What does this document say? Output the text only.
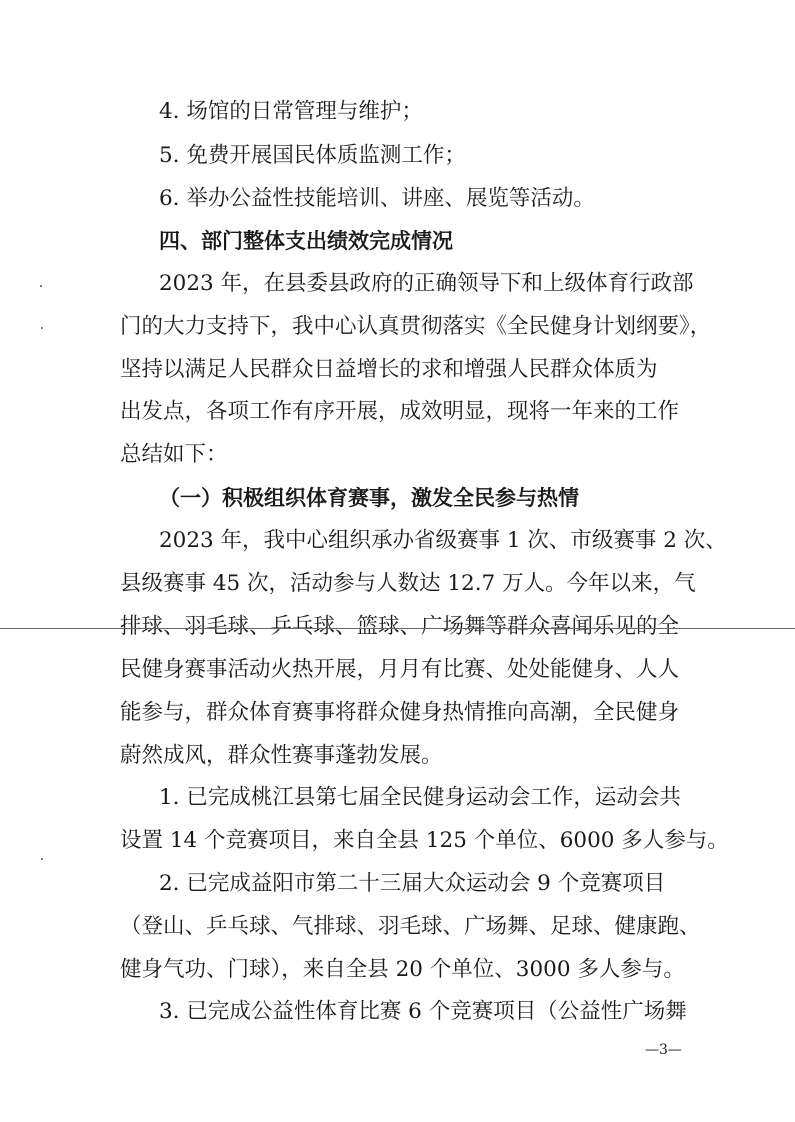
4. 场馆的日常管理与维护；
5. 免费开展国民体质监测工作；
6. 举办公益性技能培训、讲座、展览等活动。
四、部门整体支出绩效完成情况
2023 年，在县委县政府的正确领导下和上级体育行政部
门的大力支持下，我中心认真贯彻落实《全民健身计划纲要》，
坚持以满足人民群众日益增长的求和增强人民群众体质为
出发点，各项工作有序开展，成效明显，现将一年来的工作
总结如下：
（一）积极组织体育赛事，激发全民参与热情
2023 年，我中心组织承办省级赛事 1 次、市级赛事 2 次、
县级赛事 45 次，活动参与人数达 12.7 万人。今年以来，气
排球、羽毛球、乒乓球、篮球、广场舞等群众喜闻乐见的全
民健身赛事活动火热开展，月月有比赛、处处能健身、人人
能参与，群众体育赛事将群众健身热情推向高潮，全民健身
蔚然成风，群众性赛事蓬勃发展。
1. 已完成桃江县第七届全民健身运动会工作，运动会共
设置 14 个竞赛项目，来自全县 125 个单位、6000 多人参与。
2. 已完成益阳市第二十三届大众运动会 9 个竞赛项目
（登山、乒乓球、气排球、羽毛球、广场舞、足球、健康跑、
健身气功、门球），来自全县 20 个单位、3000 多人参与。
3. 已完成公益性体育比赛 6 个竞赛项目（公益性广场舞
—3—
